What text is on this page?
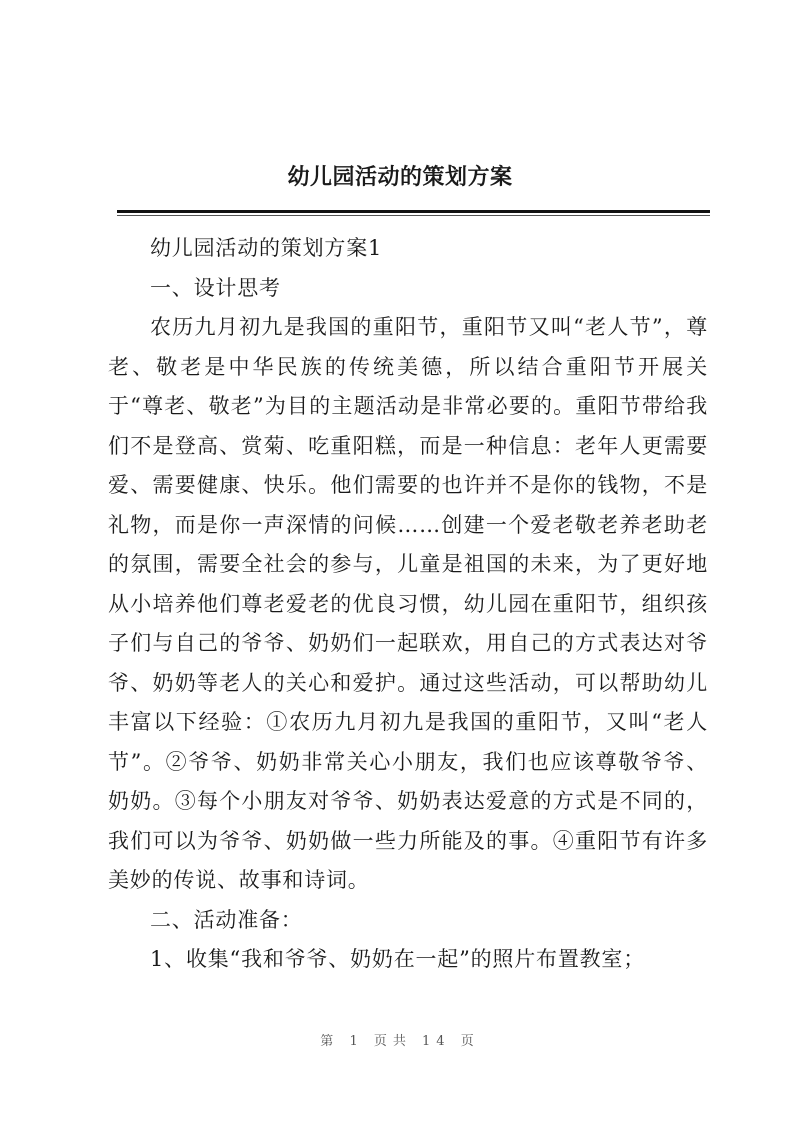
幼儿园活动的策划方案

幼儿园活动的策划方案1

一、设计思考

农历九月初九是我国的重阳节，重阳节又叫“老人节”，尊老、敬老是中华民族的传统美德，所以结合重阳节开展关于“尊老、敬老”为目的主题活动是非常必要的。重阳节带给我们不是登高、赏菊、吃重阳糕，而是一种信息：老年人更需要爱、需要健康、快乐。他们需要的也许并不是你的钱物，不是礼物，而是你一声深情的问候……创建一个爱老敬老养老助老的氛围，需要全社会的参与，儿童是祖国的未来，为了更好地从小培养他们尊老爱老的优良习惯，幼儿园在重阳节，组织孩子们与自己的爷爷、奶奶们一起联欢，用自己的方式表达对爷爷、奶奶等老人的关心和爱护。通过这些活动，可以帮助幼儿丰富以下经验：①农历九月初九是我国的重阳节，又叫“老人节”。②爷爷、奶奶非常关心小朋友，我们也应该尊敬爷爷、奶奶。③每个小朋友对爷爷、奶奶表达爱意的方式是不同的，我们可以为爷爷、奶奶做一些力所能及的事。④重阳节有许多美妙的传说、故事和诗词。

二、活动准备：

1、收集“我和爷爷、奶奶在一起”的照片布置教室；

第 1 页共 14 页
